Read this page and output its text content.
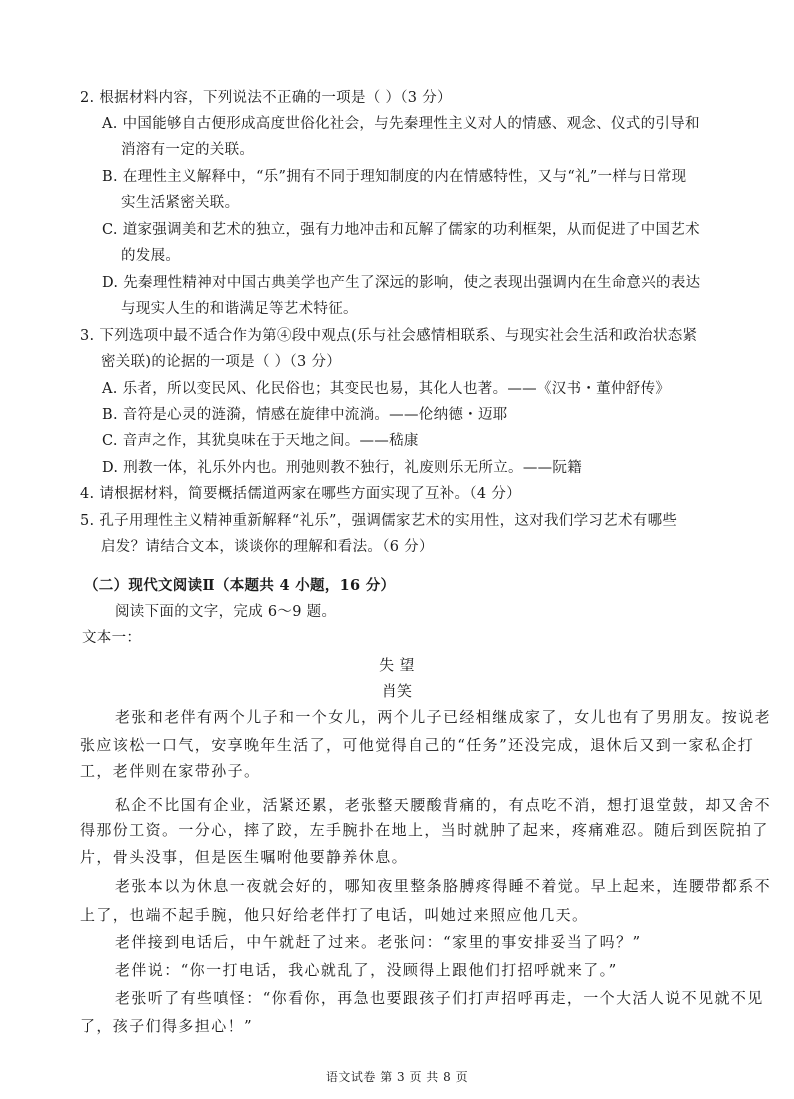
2. 根据材料内容，下列说法不正确的一项是（ ）（3 分）
A. 中国能够自古便形成高度世俗化社会，与先秦理性主义对人的情感、观念、仪式的引导和
消溶有一定的关联。
B. 在理性主义解释中，“乐”拥有不同于理知制度的内在情感特性，又与“礼”一样与日常现
实生活紧密关联。
C. 道家强调美和艺术的独立，强有力地冲击和瓦解了儒家的功利框架，从而促进了中国艺术
的发展。
D. 先秦理性精神对中国古典美学也产生了深远的影响，使之表现出强调内在生命意兴的表达
与现实人生的和谐满足等艺术特征。
3. 下列选项中最不适合作为第④段中观点(乐与社会感情相联系、与现实社会生活和政治状态紧
密关联)的论据的一项是（ ）（3 分）
A. 乐者，所以变民风、化民俗也；其变民也易，其化人也著。——《汉书・董仲舒传》
B. 音符是心灵的涟漪，情感在旋律中流淌。——伦纳德・迈耶
C. 音声之作，其犹臭味在于天地之间。——嵇康
D. 刑教一体，礼乐外内也。刑弛则教不独行，礼废则乐无所立。——阮籍
4. 请根据材料，简要概括儒道两家在哪些方面实现了互补。（4 分）
5. 孔子用理性主义精神重新解释“礼乐”，强调儒家艺术的实用性，这对我们学习艺术有哪些
启发？请结合文本，谈谈你的理解和看法。（6 分）
（二）现代文阅读Ⅱ（本题共 4 小题，16 分）
阅读下面的文字，完成 6～9 题。
文本一：
失 望
肖笑
老张和老伴有两个儿子和一个女儿，两个儿子已经相继成家了，女儿也有了男朋友。按说老
张应该松一口气，安享晚年生活了，可他觉得自己的“任务”还没完成，退休后又到一家私企打
工，老伴则在家带孙子。
私企不比国有企业，活紧还累，老张整天腰酸背痛的，有点吃不消，想打退堂鼓，却又舍不
得那份工资。一分心，摔了跤，左手腕扑在地上，当时就肿了起来，疼痛难忍。随后到医院拍了
片，骨头没事，但是医生嘱咐他要静养休息。
老张本以为休息一夜就会好的，哪知夜里整条胳膊疼得睡不着觉。早上起来，连腰带都系不
上了，也端不起手腕，他只好给老伴打了电话，叫她过来照应他几天。
老伴接到电话后，中午就赶了过来。老张问：“家里的事安排妥当了吗？”
老伴说：“你一打电话，我心就乱了，没顾得上跟他们打招呼就来了。”
老张听了有些嗔怪：“你看你，再急也要跟孩子们打声招呼再走，一个大活人说不见就不见
了，孩子们得多担心！”
语文试卷 第 3 页 共 8 页
